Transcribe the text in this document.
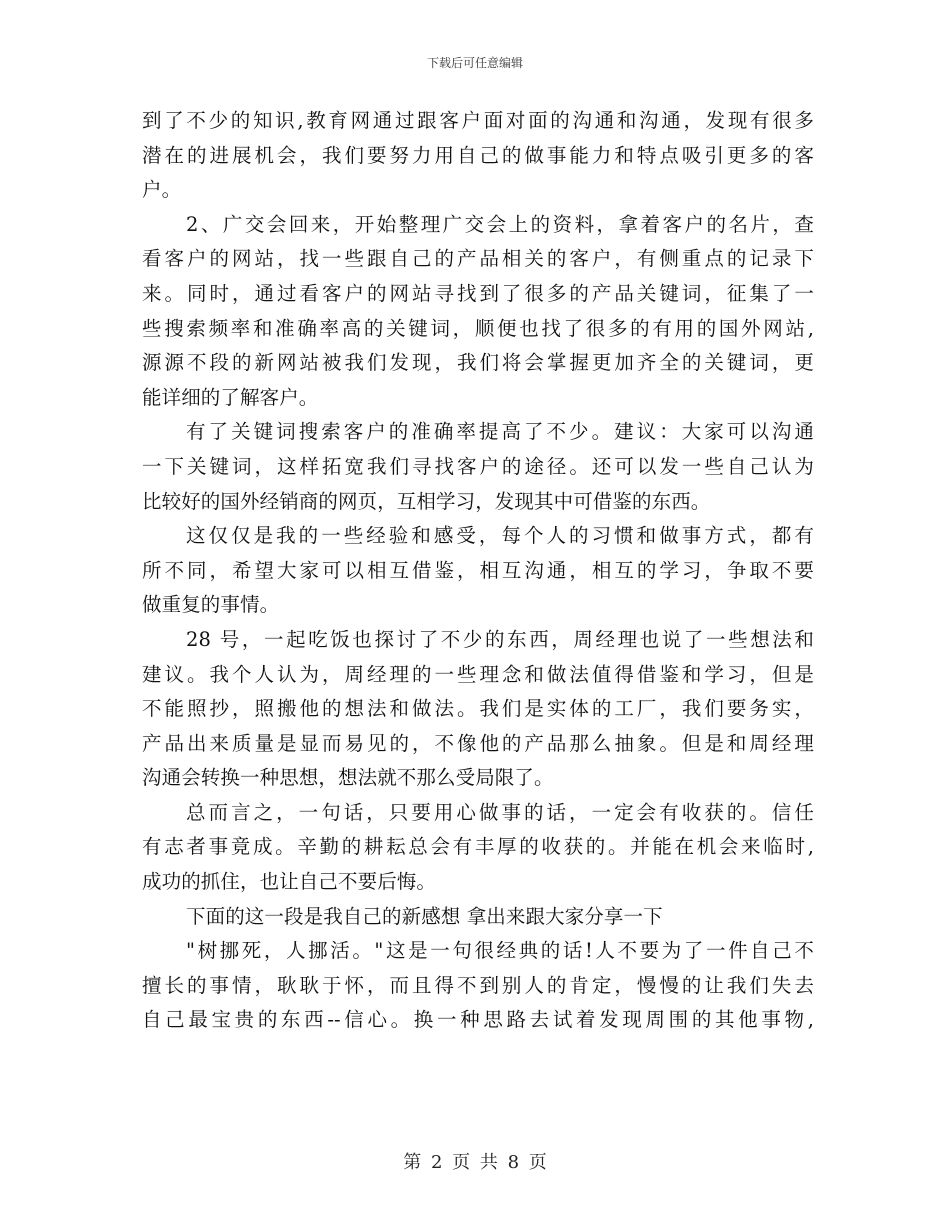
下载后可任意编辑
到了不少的知识,教育网通过跟客户面对面的沟通和沟通，发现有很多
潜在的进展机会，我们要努力用自己的做事能力和特点吸引更多的客
户。
2、广交会回来，开始整理广交会上的资料，拿着客户的名片，查
看客户的网站，找一些跟自己的产品相关的客户，有侧重点的记录下
来。同时，通过看客户的网站寻找到了很多的产品关键词，征集了一
些搜索频率和准确率高的关键词，顺便也找了很多的有用的国外网站,
源源不段的新网站被我们发现，我们将会掌握更加齐全的关键词，更
能详细的了解客户。
有了关键词搜索客户的准确率提高了不少。建议：大家可以沟通
一下关键词，这样拓宽我们寻找客户的途径。还可以发一些自己认为
比较好的国外经销商的网页，互相学习，发现其中可借鉴的东西。
这仅仅是我的一些经验和感受，每个人的习惯和做事方式，都有
所不同，希望大家可以相互借鉴，相互沟通，相互的学习，争取不要
做重复的事情。
28 号，一起吃饭也探讨了不少的东西，周经理也说了一些想法和
建议。我个人认为，周经理的一些理念和做法值得借鉴和学习，但是
不能照抄，照搬他的想法和做法。我们是实体的工厂，我们要务实，
产品出来质量是显而易见的，不像他的产品那么抽象。但是和周经理
沟通会转换一种思想，想法就不那么受局限了。
总而言之，一句话，只要用心做事的话，一定会有收获的。信任
有志者事竟成。辛勤的耕耘总会有丰厚的收获的。并能在机会来临时,
成功的抓住，也让自己不要后悔。
下面的这一段是我自己的新感想 拿出来跟大家分享一下
"树挪死，人挪活。"这是一句很经典的话!人不要为了一件自己不
擅长的事情，耿耿于怀，而且得不到别人的肯定，慢慢的让我们失去
自己最宝贵的东西--信心。换一种思路去试着发现周围的其他事物,
第 2 页 共 8 页
